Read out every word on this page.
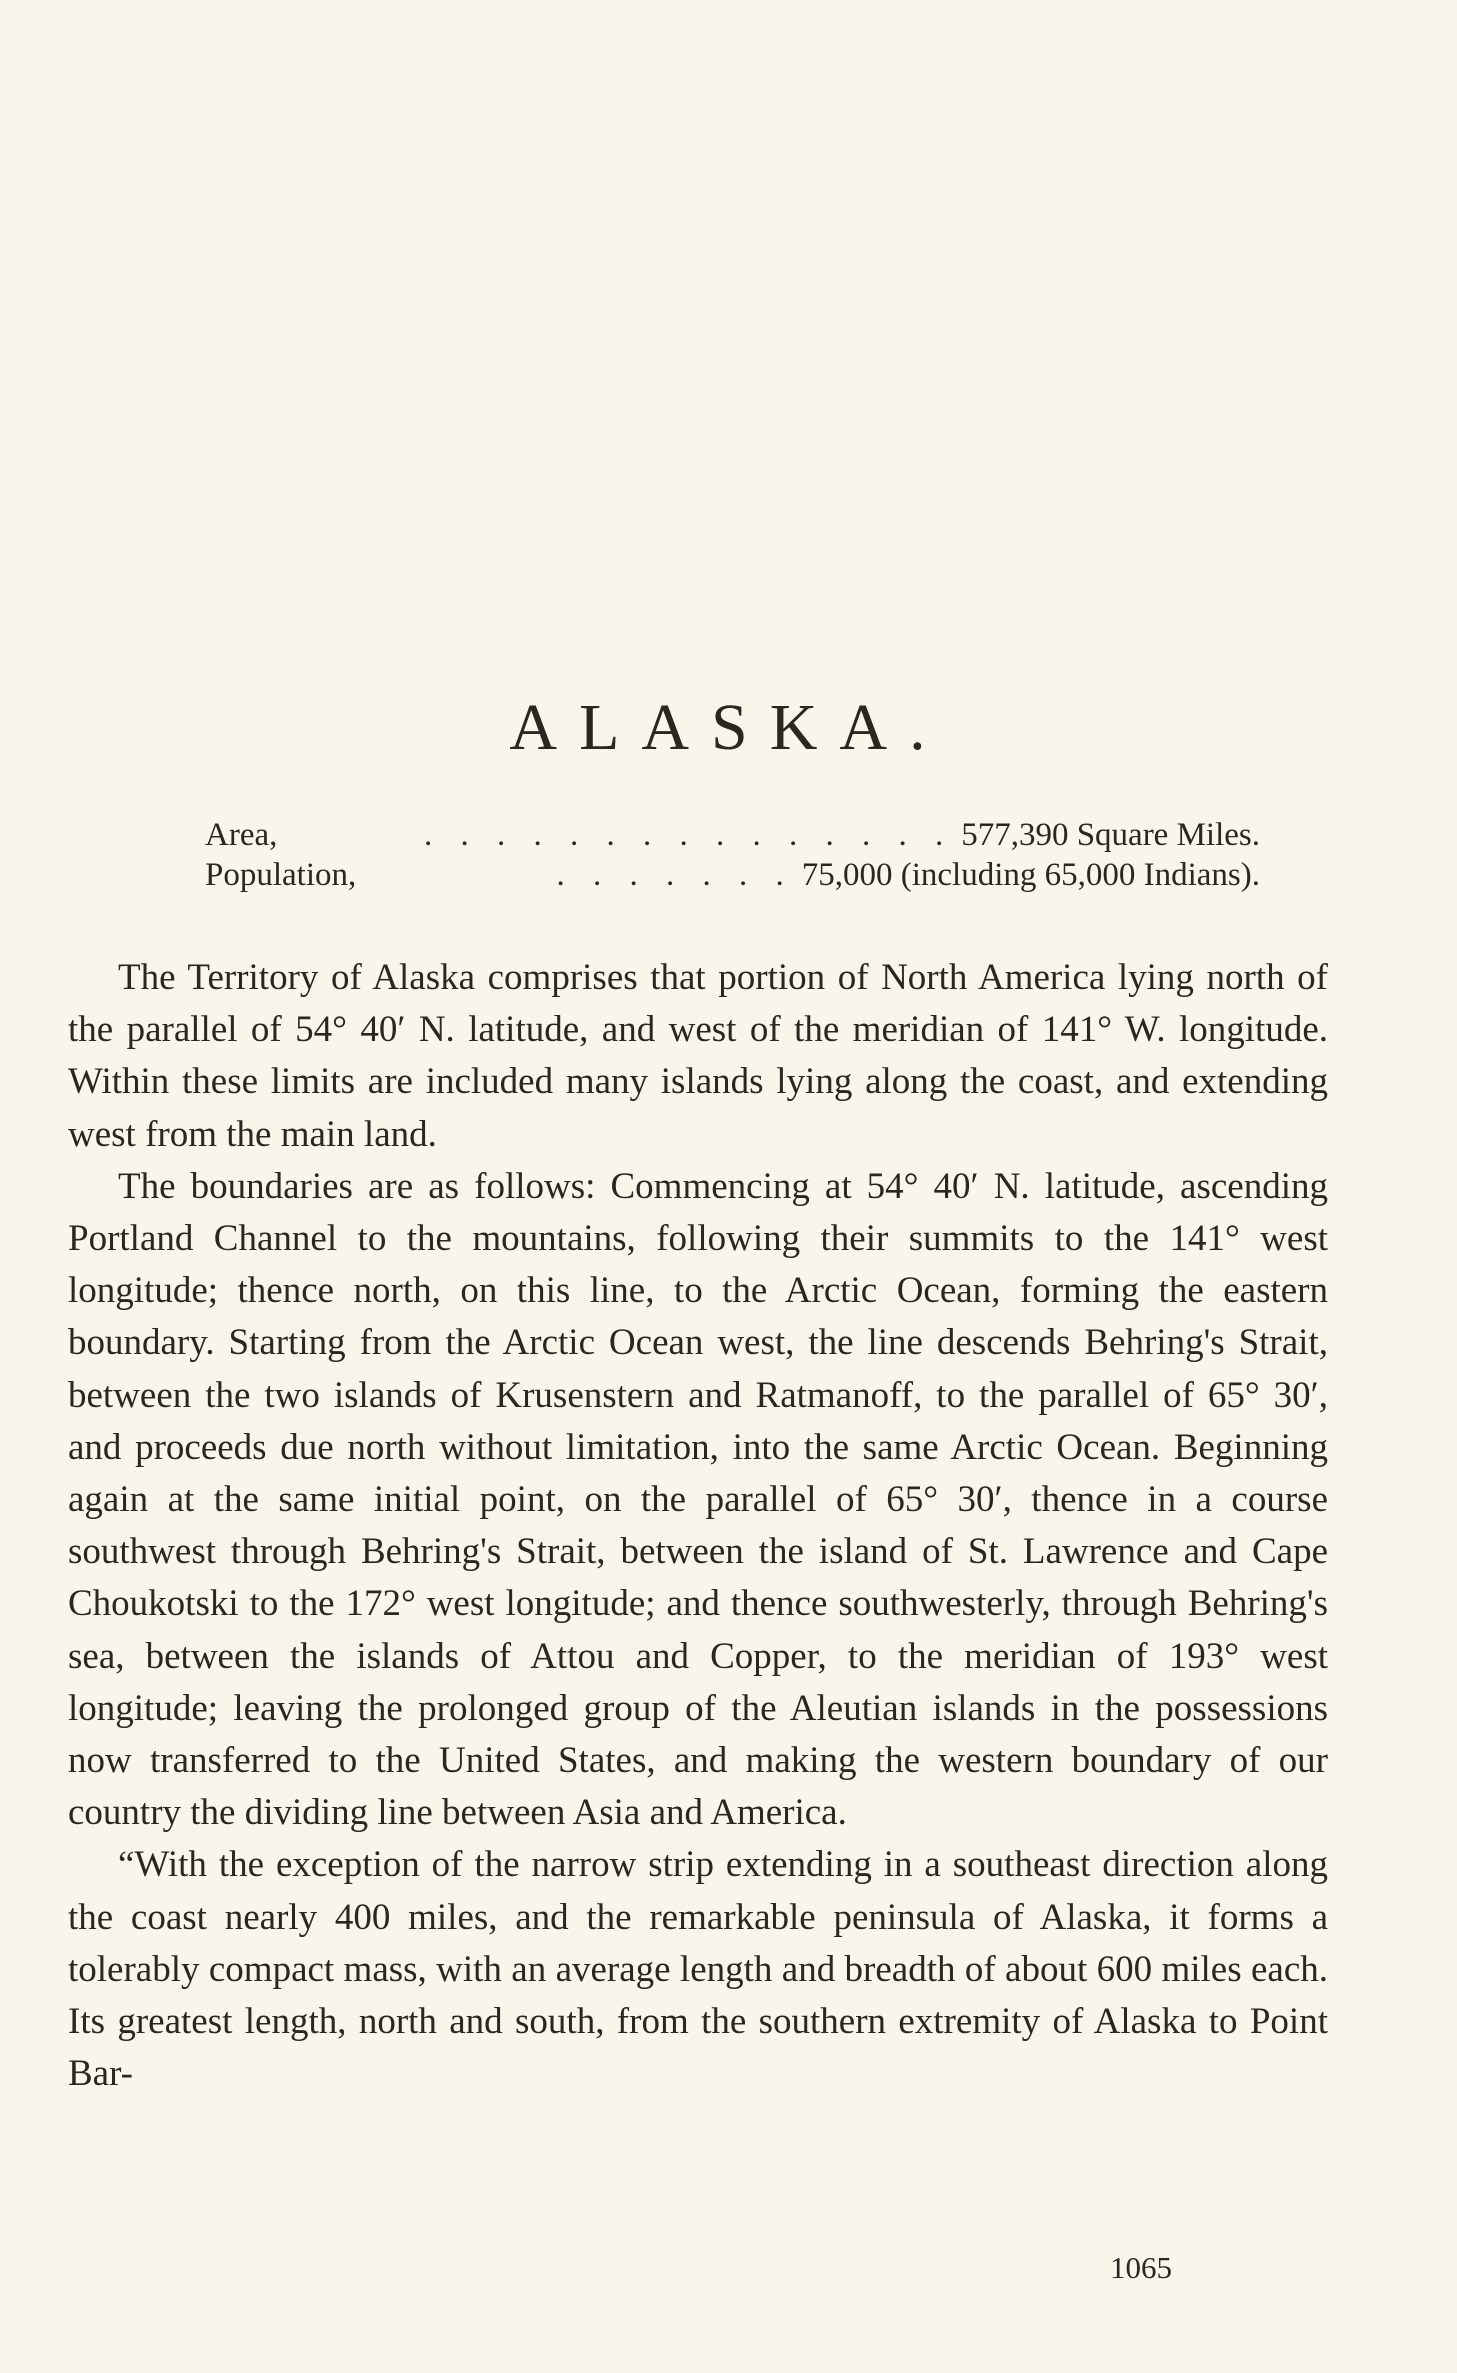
ALASKA.
Area,	. . . . . . . . . . . . . . . 577,390 Square Miles.
Population,	. . . . . . . 75,000 (including 65,000 Indians).

The Territory of Alaska comprises that portion of North America lying north of the parallel of 54° 40′ N. latitude, and west of the meridian of 141° W. longitude. Within these limits are included many islands lying along the coast, and extending west from the main land.

The boundaries are as follows: Commencing at 54° 40′ N. latitude, ascending Portland Channel to the mountains, following their summits to the 141° west longitude; thence north, on this line, to the Arctic Ocean, forming the eastern boundary. Starting from the Arctic Ocean west, the line descends Behring's Strait, between the two islands of Krusenstern and Ratmanoff, to the parallel of 65° 30′, and proceeds due north without limitation, into the same Arctic Ocean. Beginning again at the same initial point, on the parallel of 65° 30′, thence in a course southwest through Behring's Strait, between the island of St. Lawrence and Cape Choukotski to the 172° west longitude; and thence southwesterly, through Behring's sea, between the islands of Attou and Copper, to the meridian of 193° west longitude; leaving the prolonged group of the Aleutian islands in the possessions now transferred to the United States, and making the western boundary of our country the dividing line between Asia and America.

“With the exception of the narrow strip extending in a southeast direction along the coast nearly 400 miles, and the remarkable peninsula of Alaska, it forms a tolerably compact mass, with an average length and breadth of about 600 miles each. Its greatest length, north and south, from the southern extremity of Alaska to Point Bar-

1065
